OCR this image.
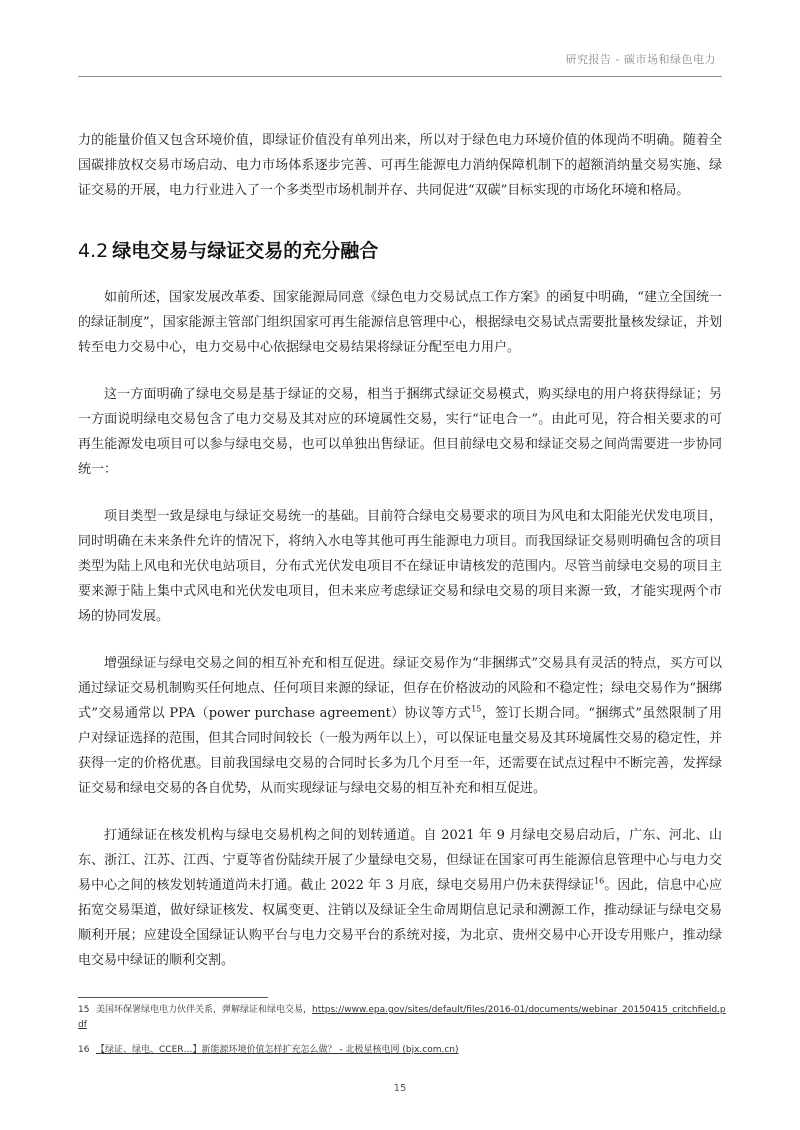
研究报告 - 碳市场和绿色电力

力的能量价值又包含环境价值，即绿证价值没有单列出来，所以对于绿色电力环境价值的体现尚不明确。随着全国碳排放权交易市场启动、电力市场体系逐步完善、可再生能源电力消纳保障机制下的超额消纳量交易实施、绿证交易的开展，电力行业进入了一个多类型市场机制并存、共同促进“双碳”目标实现的市场化环境和格局。

4.2 绿电交易与绿证交易的充分融合

如前所述，国家发展改革委、国家能源局同意《绿色电力交易试点工作方案》的函复中明确，“建立全国统一的绿证制度”，国家能源主管部门组织国家可再生能源信息管理中心，根据绿电交易试点需要批量核发绿证，并划转至电力交易中心，电力交易中心依据绿电交易结果将绿证分配至电力用户。

这一方面明确了绿电交易是基于绿证的交易，相当于捆绑式绿证交易模式，购买绿电的用户将获得绿证；另一方面说明绿电交易包含了电力交易及其对应的环境属性交易，实行“证电合一”。由此可见，符合相关要求的可再生能源发电项目可以参与绿电交易，也可以单独出售绿证。但目前绿电交易和绿证交易之间尚需要进一步协同统一：

项目类型一致是绿电与绿证交易统一的基础。目前符合绿电交易要求的项目为风电和太阳能光伏发电项目，同时明确在未来条件允许的情况下，将纳入水电等其他可再生能源电力项目。而我国绿证交易则明确包含的项目类型为陆上风电和光伏电站项目，分布式光伏发电项目不在绿证申请核发的范围内。尽管当前绿电交易的项目主要来源于陆上集中式风电和光伏发电项目，但未来应考虑绿证交易和绿电交易的项目来源一致，才能实现两个市场的协同发展。

增强绿证与绿电交易之间的相互补充和相互促进。绿证交易作为“非捆绑式”交易具有灵活的特点，买方可以通过绿证交易机制购买任何地点、任何项目来源的绿证，但存在价格波动的风险和不稳定性；绿电交易作为“捆绑式”交易通常以 PPA（power purchase agreement）协议等方式$^{15}$，签订长期合同。“捆绑式”虽然限制了用户对绿证选择的范围，但其合同时间较长（一般为两年以上），可以保证电量交易及其环境属性交易的稳定性，并获得一定的价格优惠。目前我国绿电交易的合同时长多为几个月至一年，还需要在试点过程中不断完善，发挥绿证交易和绿电交易的各自优势，从而实现绿证与绿电交易的相互补充和相互促进。

打通绿证在核发机构与绿电交易机构之间的划转通道。自 2021 年 9 月绿电交易启动后，广东、河北、山东、浙江、江苏、江西、宁夏等省份陆续开展了少量绿电交易，但绿证在国家可再生能源信息管理中心与电力交易中心之间的核发划转通道尚未打通。截止 2022 年 3 月底，绿电交易用户仍未获得绿证$^{16}$。因此，信息中心应拓宽交易渠道，做好绿证核发、权属变更、注销以及绿证全生命周期信息记录和溯源工作，推动绿证与绿电交易顺利开展；应建设全国绿证认购平台与电力交易平台的系统对接，为北京、贵州交易中心开设专用账户，推动绿电交易中绿证的顺利交割。

15 美国环保署绿电电力伙伴关系，弹解绿证和绿电交易，https://www.epa.gov/sites/default/files/2016-01/documents/webinar_20150415_critchfield.pdf
16 【绿证、绿电、CCER…】新能源环境价值怎样扩充怎么做？ - 北极星核电网 (bjx.com.cn)
15
